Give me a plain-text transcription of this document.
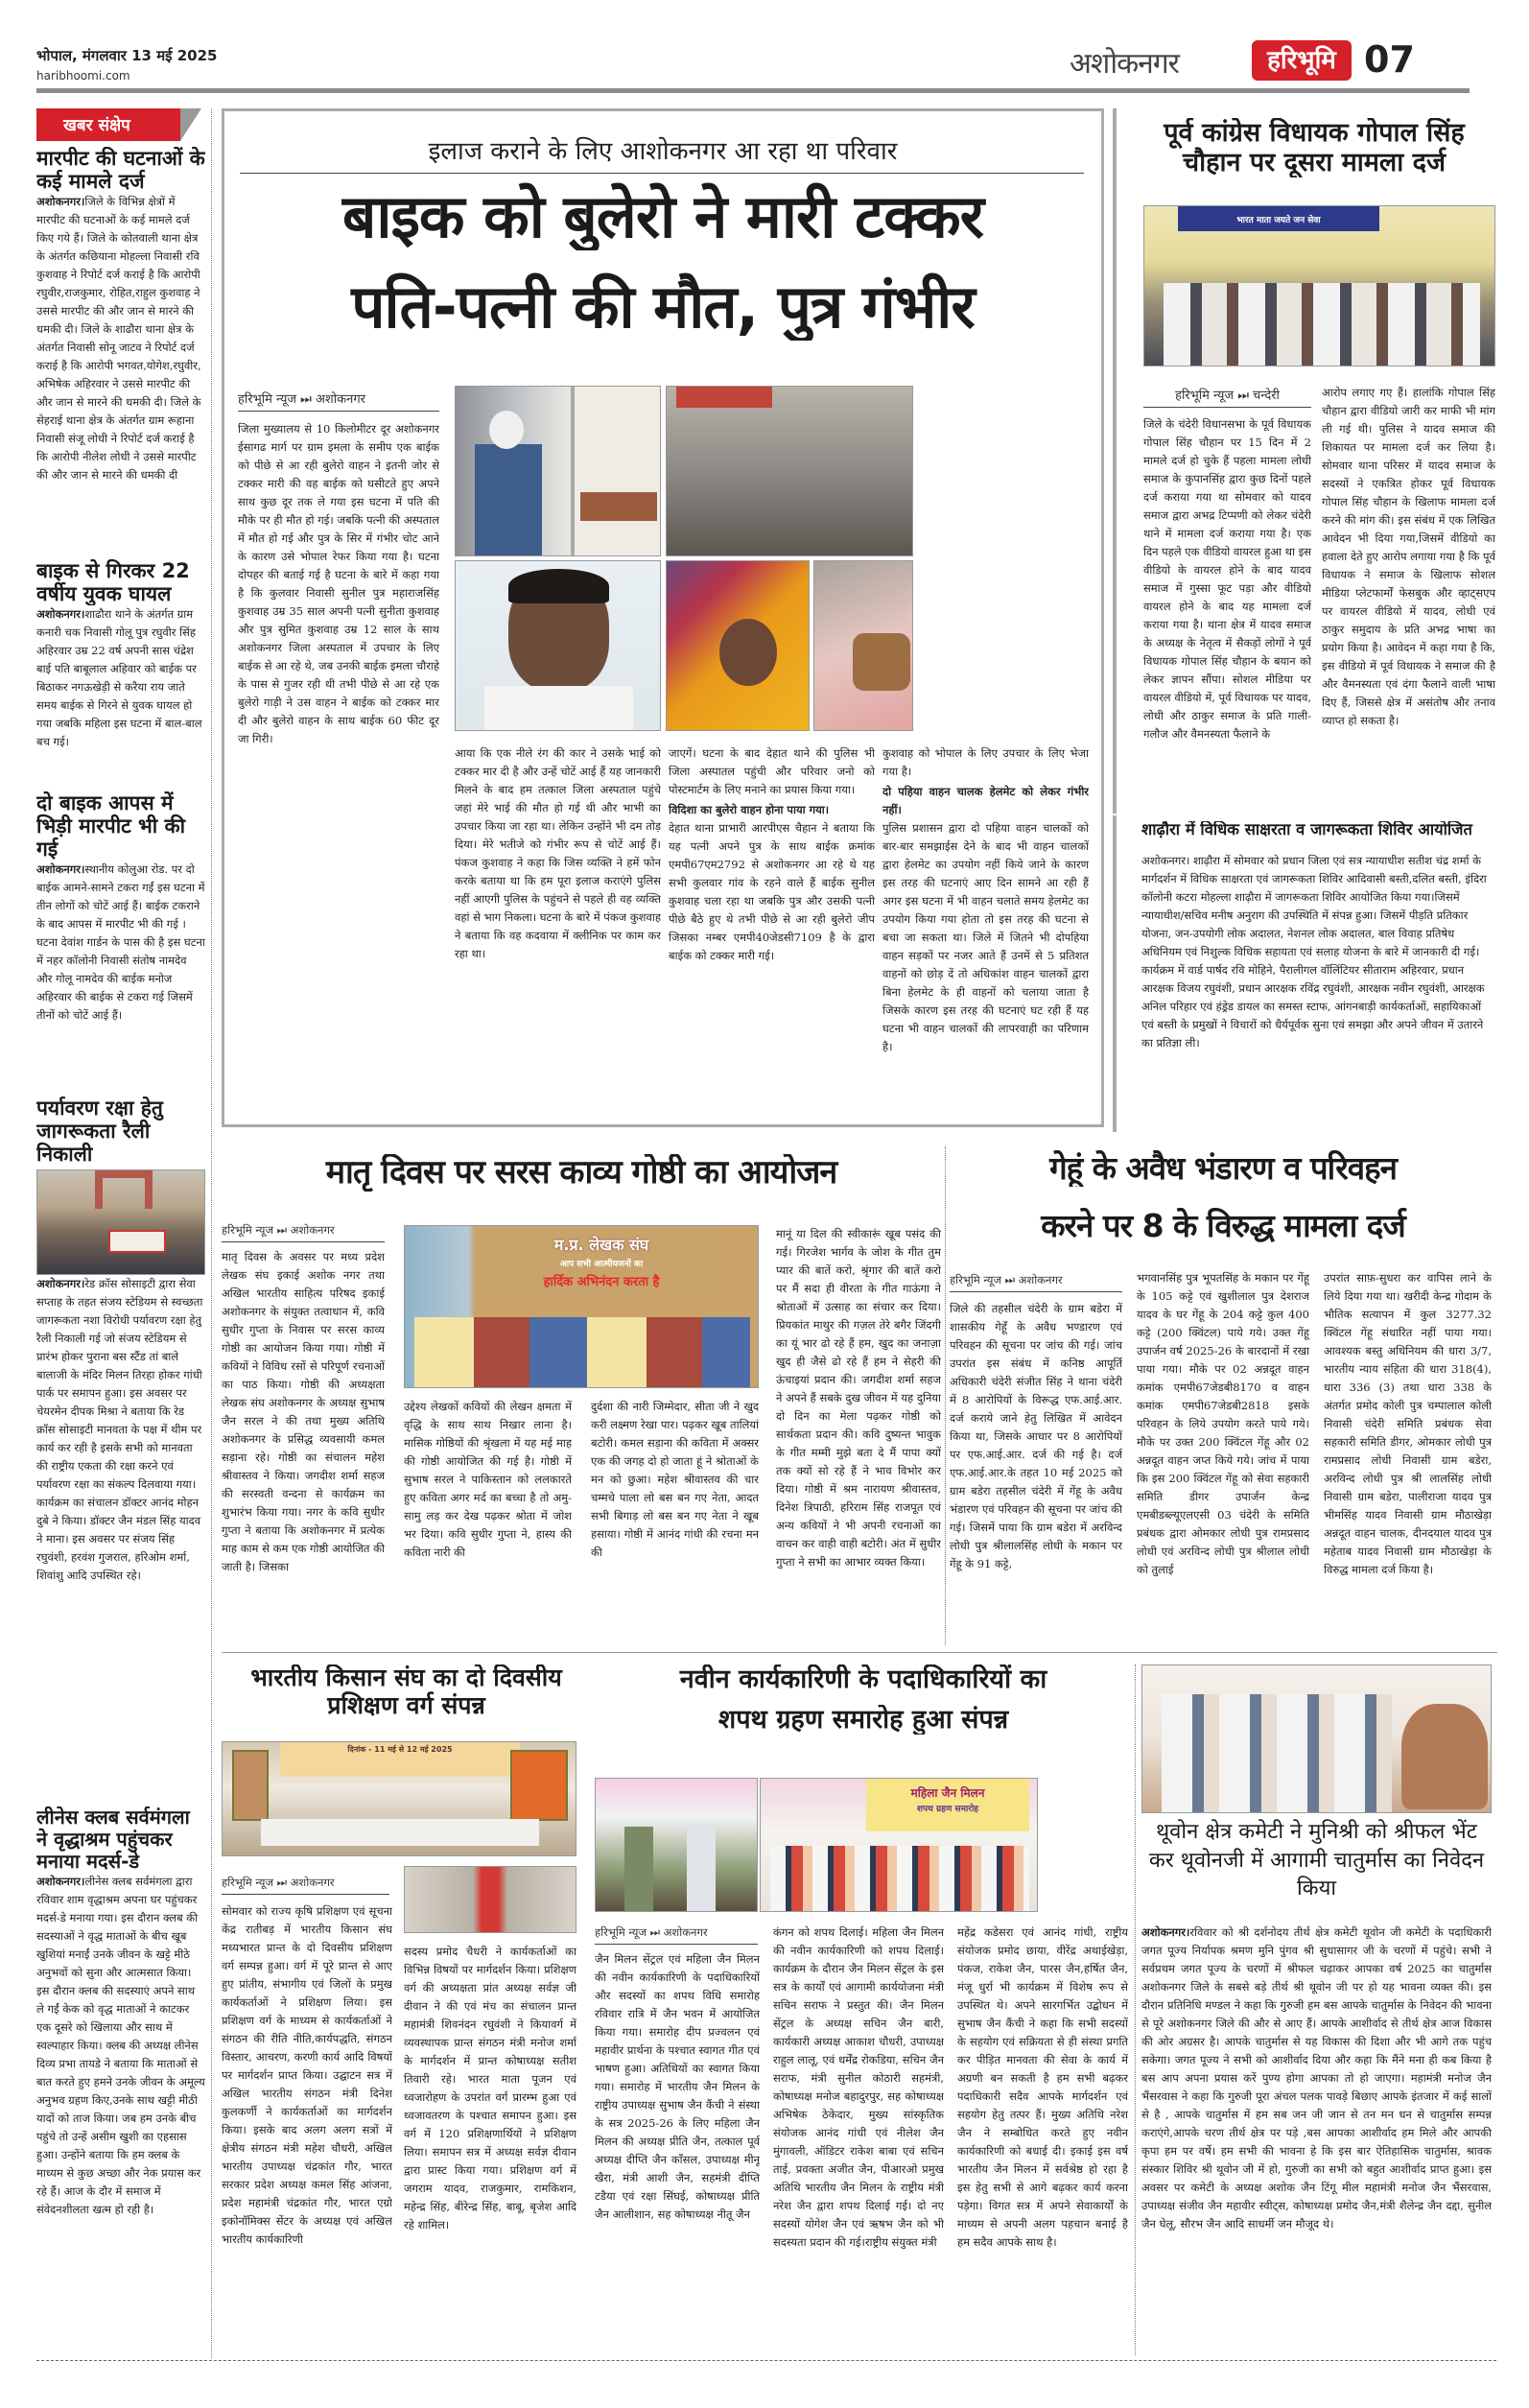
भोपाल, मंगलवार 13 मई 2025
haribhoomi.com	अशोकनगर	हरिभूमि 07
खबर संक्षेप
मारपीट की घटनाओं के कई मामले दर्ज
अशोकनगर।जिले के विभिन्न क्षेत्रों में मारपीट की घटनाओं के कई मामले दर्ज किए गये हैं। जिले के कोतवाली थाना क्षेत्र के अंतर्गत कछियाना मोहल्ला निवासी रवि कुशवाह ने रिपोर्ट दर्ज कराई है कि आरोपी रघुवीर,राजकुमार, रोहित,राहुल कुशवाह ने उससे मारपीट की और जान से मारने की धमकी दी। जिले के शाढौरा थाना क्षेत्र के अंतर्गत निवासी सोनू जाटव ने रिपोर्ट दर्ज कराई है कि आरोपी भगवत,योगेश,रघुवीर, अभिषेक अहिरवार ने उससे मारपीट की और जान से मारने की धमकी दी। जिले के सेहराई थाना क्षेत्र के अंतर्गत ग्राम रूहाना निवासी संजू लोधी ने रिपोर्ट दर्ज कराई है कि आरोपी नीलेश लोधी ने उससे मारपीट की और जान से मारने की धमकी दी
बाइक से गिरकर 22 वर्षीय युवक घायल
अशोकनगर।शाढौरा थाने के अंतर्गत ग्राम कनारी चक निवासी गोलू पुत्र रघुवीर सिंह अहिरवार उम्र 22 वर्ष अपनी सास चंद्रेश बाई पति बाबूलाल अहिवार को बाईक पर बिठाकर नगऊखेड़ी से करैया राय जाते समय बाईक से गिरने से युवक घायल हो गया जबकि महिला इस घटना में बाल-बाल बच गई।
दो बाइक आपस में भिड़ी मारपीट भी की गई
अशोकनगर।स्थानीय कोलुआ रोड. पर दो बाईक आमने-सामने टकरा गईं इस घटना में तीन लोगों को चोटें आई हैं। बाईक टकराने के बाद आपस में मारपीट भी की गई । घटना देवांश गार्डन के पास की है इस घटना में नहर कॉलोनी निवासी संतोष नामदेव और गोलू नामदेव की बाईक मनोज अहिरवार की बाईक से टकरा गई जिसमें तीनों को चोटें आई हैं।
पर्यावरण रक्षा हेतु जागरूकता रैली निकाली
अशोकनगर।रेड क्रॉस सोसाइटी द्वारा सेवा सप्ताह के तहत संजय स्टेडियम से स्वच्छता जागरूकता नशा विरोधी पर्यावरण रक्षा हेतु रैली निकाली गई जो संजय स्टेडियम से प्रारंभ होकर पुराना बस स्टैंड तां बाले बालाजी के मंदिर मिलन तिरहा होकर गांधी पार्क पर समापन हुआ। इस अवसर पर चेयरमेन दीपक मिश्रा ने बताया कि रेड क्रॉस सोसाइटी मानवता के पक्ष में थीम पर कार्य कर रही है इसके सभी को मानवता की राष्ट्रीय एकता की रक्षा करने एवं पर्यावरण रक्षा का संकल्प दिलवाया गया। कार्यक्रम का संचालन डॉक्टर आनंद मोहन दुबे ने किया। डॉक्टर जैन मंडल सिंह यादव ने माना। इस अवसर पर संजय सिंह रघुवंशी, हरवंश गुजराल, हरिओम शर्मा, शिवांशु आदि उपस्थित रहे।
लीनेस क्लब सर्वमंगला ने वृद्धाश्रम पहुंचकर मनाया मदर्स-डे
अशोकनगर।लीनेस क्लब सर्वमंगला द्वारा रविवार शाम वृद्धाश्रम अपना घर पहुंचकर मदर्स-डे मनाया गया। इस दौरान क्लब की सदस्याओं ने वृद्ध माताओं के बीच खूब खुशियां मनाईं उनके जीवन के खट्टे मीठे अनुभवों को सुना और आत्मसात किया। इस दौरान क्लब की सदस्याएं अपने साथ ले गईं केक को वृद्ध माताओं ने काटकर एक दूसरे को खिलाया और साथ में स्वल्पाहार किया। क्लब की अध्यक्ष लीनेस दिव्य प्रभा तायडे ने बताया कि माताओं से बात करते हुए हमने उनके जीवन के अमूल्य अनुभव ग्रहण किए,उनके साथ खट्टी मीठी यादों को ताज किया। जब हम उनके बीच पहुंचे तो उन्हें असीम खुशी का एहसास हुआ। उन्होंने बताया कि हम क्लब के माध्यम से कुछ अच्छा और नेक प्रयास कर रहे हैं। आज के दौर में समाज में संवेदनशीलता खत्म हो रही है।
इलाज कराने के लिए आशोकनगर आ रहा था परिवार
बाइक को बुलेरो ने मारी टक्कर
पति-पत्नी की मौत, पुत्र गंभीर
हरिभूमि न्यूज ⏭ अशोकनगर
जिला मुख्यालय से 10 किलोमीटर दूर अशोकनगर ईसागढ मार्ग पर ग्राम इमला के समीप एक बाईक को पीछे से आ रही बुलेरो वाहन ने इतनी जोर से टक्कर मारी की वह बाईक को घसीटते हुए अपने साथ कुछ दूर तक ले गया इस घटना में पति की मौके पर ही मौत हो गई। जबकि पत्नी की अस्पताल में मौत हो गई और पुत्र के सिर में गंभीर चोट आने के कारण उसे भोपाल रेफर किया गया है। घटना दोपहर की बताई गई है घटना के बारे में कहा गया है कि कुलवार निवासी सुनील पुत्र महाराजसिंह कुशवाह उम्र 35 साल अपनी पत्नी सुनीता कुशवाह और पुत्र सुमित कुशवाह उम्र 12 साल के साथ अशोकनगर जिला अस्पताल में उपचार के लिए बाईक से आ रहे थे, जब उनकी बाईक इमला चौराहे के पास से गुजर रही थी तभी पीछे से आ रहे एक बुलेरो गाड़ी ने उस वाहन ने बाईक को टक्कर मार दी और बुलेरो वाहन के साथ बाईक 60 फीट दूर जा गिरी।
आया कि एक नीले रंग की कार ने उसके भाई को टक्कर मार दी है और उन्हें चोटें आई हैं यह जानकारी मिलने के बाद हम तत्काल जिला अस्पताल पहुंचे जहां मेरे भाई की मौत हो गई थी और भाभी का उपचार किया जा रहा था। लेकिन उन्होंने भी दम तोड़ दिया। मेरे भतीजे को गंभीर रूप से चोटें आई हैं। पंकज कुशवाह ने कहा कि जिस व्यक्ति ने हमें फोन करके बताया था कि हम पूरा इलाज कराएंगे पुलिस नहीं आएगी पुलिस के पहुंचने से पहले ही वह व्यक्ति वहां से भाग निकला। घटना के बारे में पंकज कुशवाह ने बताया कि वह कदवाया में क्लीनिक पर काम कर रहा था।
जाएगें। घटना के बाद देहात थाने की पुलिस भी जिला अस्पातल पहुंची और परिवार जनो को पोस्टमार्टम के लिए मनाने का प्रयास किया गया।
विदिशा का बुलेरो वाहन होना पाया गया।
देहात थाना प्राभारी आरपीएस चैहान ने बताया कि यह पत्नी अपने पुत्र के साथ बाईक क्रमांक एमपी67एम2792 से अशोकनगर आ रहे थे यह सभी कुलवार गांव के रहने वाले हैं बाईक सुनील कुशवाह चला रहा था जबकि पुत्र और उसकी पत्नी पीछे बैठे हुए थे तभी पीछे से आ रही बुलेरो जीप जिसका नम्बर एमपी40जेडसी7109 है के द्वारा बाईक को टक्कर मारी गई।
कुशवाह को भोपाल के लिए उपचार के लिए भेजा गया है।
दो पहिया वाहन चालक हेलमेट को लेकर गंभीर नहीं।
पुलिस प्रशासन द्वारा दो पहिया वाहन चालकों को बार-बार समझाईस देने के बाद भी वाहन चालकों द्वारा हेलमेट का उपयोग नहीं किये जाने के कारण इस तरह की घटनाएं आए दिन सामने आ रही हैं अगर इस घटना में भी वाहन चलाते समय हेलमेट का उपयोग किया गया होता तो इस तरह की घटना से बचा जा सकता था। जिले में जितने भी दोपहिया वाहन सड़कों पर नजर आते हैं उनमें से 5 प्रतिशत वाहनों को छोड़ दें तो अधिकांश वाहन चालकों द्वारा बिना हेलमेट के ही वाहनों को चलाया जाता है जिसके कारण इस तरह की घटनाएं घट रही हैं यह घटना भी वाहन चालकों की लापरवाही का परिणाम है।
पूर्व कांग्रेस विधायक गोपाल सिंह चौहान पर दूसरा मामला दर्ज
भारत माता जयते जन सेवा
हरिभूमि न्यूज ⏭ चन्देरी
जिले के चंदेरी विधानसभा के पूर्व विधायक गोपाल सिंह चौहान पर 15 दिन में 2 मामले दर्ज हो चुके हैं पहला मामला लोधी समाज के कुपानसिंह द्वारा कुछ दिनों पहले दर्ज कराया गया था सोमवार को यादव समाज द्वारा अभद्र टिप्पणी को लेकर चंदेरी थाने में मामला दर्ज कराया गया है। एक दिन पहले एक वीडियो वायरल हुआ था इस वीडियो के वायरल होने के बाद यादव समाज में गुस्सा फूट पड़ा और वीडियो वायरल होने के बाद यह मामला दर्ज कराया गया है। थाना क्षेत्र में यादव समाज के अध्यक्ष के नेतृत्व में सैकड़ों लोगों ने पूर्व विधायक गोपाल सिंह चौहान के बयान को लेकर ज्ञापन सौंपा। सोशल मीडिया पर वायरल वीडियो में, पूर्व विधायक पर यादव, लोधी और ठाकुर समाज के प्रति गाली-गलौज और वैमनस्यता फैलाने के
आरोप लगाए गए हैं। हालांकि गोपाल सिंह चौहान द्वारा वीडियो जारी कर माफी भी मांग ली गई थी। पुलिस ने यादव समाज की शिकायत पर मामला दर्ज कर लिया है। सोमवार थाना परिसर में यादव समाज के सदस्यों ने एकत्रित होकर पूर्व विधायक गोपाल सिंह चौहान के खिलाफ मामला दर्ज करने की मांग की। इस संबंध में एक लिखित आवेदन भी दिया गया,जिसमें वीडियो का हवाला देते हुए आरोप लगाया गया है कि पूर्व विधायक ने समाज के खिलाफ सोशल मीडिया प्लेटफार्मों फेसबुक और व्हाट्सएप पर वायरल वीडियो में यादव, लोधी एवं ठाकुर समुदाय के प्रति अभद्र भाषा का प्रयोग किया है। आवेदन में कहा गया है कि, इस वीडियो में पूर्व विधायक ने समाज की है और वैमनस्यता एवं दंगा फैलाने वाली भाषा दिए हैं, जिससे क्षेत्र में असंतोष और तनाव व्याप्त हो सकता है।
शाढ़ौरा में विधिक साक्षरता व जागरूकता शिविर आयोजित
अशोकनगर। शाढ़ौरा में सोमवार को प्रधान जिला एवं सत्र न्यायाधीश सतीश चंद्र शर्मा के मार्गदर्शन में विधिक साक्षरता एवं जागरूकता शिविर आदिवासी बस्ती,दलित बस्ती, इंदिरा कॉलोनी कटरा मोहल्ला शाढ़ौरा में जागरूकता शिविर आयोजित किया गया।जिसमें न्यायाधीश/सचिव मनीष अनुराग की उपस्थिति में संपन्न हुआ। जिसमें पीड़ति प्रतिकार योजना, जन-उपयोगी लोक अदालत, नेशनल लोक अदालत, बाल विवाह प्रतिषेध अधिनियम एवं निशुल्क विधिक सहायता एवं सलाह योजना के बारे में जानकारी दी गई। कार्यक्रम में वार्ड पार्षद रवि मोहिने, पैरालीगल वॉलिंटियर सीताराम अहिरवार, प्रधान आरक्षक विजय रघुवंशी, प्रधान आरक्षक रविंद्र रघुवंशी, आरक्षक नवीन रघुवंशी, आरक्षक अनिल परिहार एवं हंड्रेड डायल का समस्त स्टाफ, आंगनबाड़ी कार्यकर्ताओं, सहायिकाओं एवं बस्ती के प्रमुखों ने विचारों को धैर्यपूर्वक सुना एवं समझा और अपने जीवन में उतारने का प्रतिज्ञा ली।
मातृ दिवस पर सरस काव्य गोष्ठी का आयोजन
हरिभूमि न्यूज ⏭ अशोकनगर
मातृ दिवस के अवसर पर मध्य प्रदेश लेखक संघ इकाई अशोक नगर तथा अखिल भारतीय साहित्य परिषद इकाई अशोकनगर के संयुक्त तत्वाधान में, कवि सुधीर गुप्ता के निवास पर सरस काव्य गोष्ठी का आयोजन किया गया। गोष्ठी में कवियों ने विविध रसों से परिपूर्ण रचनाओं का पाठ किया। गोष्ठी की अध्यक्षता लेखक संघ अशोकनगर के अध्यक्ष सुभाष जैन सरल ने की तथा मुख्य अतिथि अशोकनगर के प्रसिद्ध व्यवसायी कमल सड़ाना रहे। गोष्ठी का संचालन महेश श्रीवास्तव ने किया। जगदीश शर्मा सहज की सरस्वती वन्दना से कार्यक्रम का शुभारंभ किया गया। नगर के कवि सुधीर गुप्ता ने बताया कि अशोकनगर में प्रत्येक माह काम से कम एक गोष्ठी आयोजित की जाती है। जिसका
म.प्र. लेखक संघ
आप सभी आत्मीयजनों का
हार्दिक अभिनंदन करता है
उद्देश्य लेखकों कवियों की लेखन क्षमता में वृद्धि के साथ साथ निखार लाना है। मासिक गोष्ठियों की श्रृंखला में यह मई माह की गोष्ठी आयोजित की गई है। गोष्ठी में सुभाष सरल ने पाकिस्तान को ललकारते हुए कविता अगर मर्द का बच्चा है तो अमु-सामु लड़ कर देख पढ़कर श्रोता में जोश भर दिया। कवि सुधीर गुप्ता ने, हास्य की कविता नारी की
दुर्दशा की नारी जिम्मेदार, सीता जी ने खुद करी लक्ष्मण रेखा पार। पढ़कर खूब तालियां बटोरी। कमल सड़ाना की कविता में अक्सर एक की जगह दो हो जाता हूं ने श्रोताओं के मन को छुआ। महेश श्रीवास्तव की चार चम्मचे पाला लो बस बन गए नेता, आदत सभी बिगाड़ लो बस बन गए नेता ने खूब हसाया। गोष्ठी में आनंद गांधी की रचना मन की
मानूं या दिल की स्वीकारूं खूब पसंद की गई। गिरजेश भार्गव के जोश के गीत तुम प्यार की बातें करो, श्रृंगार की बातें करो पर मैं सदा ही वीरता के गीत गाऊंगा ने श्रोताओं में उत्साह का संचार कर दिया। प्रियकांत माथुर की गज़ल तेरे बगैर जिंदगी का यूं भार ढो रहे हैं हम, खुद का जनाज़ा खुद ही जैसे ढो रहे हैं हम ने सेहरी की ऊंचाइयां प्रदान की। जगदीश शर्मा सहज ने अपने हैं सबके दुख जीवन में यह दुनिया दो दिन का मेला पढ़कर गोष्ठी को सार्थकता प्रदान की। कवि दुष्यन्त भावुक के गीत मम्मी मुझे बता दे मैं पापा क्यों तक क्यों सो रहे हैं ने भाव विभोर कर दिया। गोष्ठी में श्रम नारायण श्रीवास्तव, दिनेश त्रिपाठी, हरिराम सिंह राजपूत एवं अन्य कवियों ने भी अपनी रचनाओं का वाचन कर वाही वाही बटोरी। अंत में सुधीर गुप्ता ने सभी का आभार व्यक्त किया।
गेहूं के अवैध भंडारण व परिवहन
करने पर 8 के विरुद्ध मामला दर्ज
हरिभूमि न्यूज ⏭ अशोकनगर
जिले की तहसील चंदेरी के ग्राम बडेरा में शासकीय गेहूँ के अवैध भण्डारण एवं परिवहन की सूचना पर जांच की गई। जांच उपरांत इस संबंध में कनिष्ठ आपूर्ति अधिकारी चंदेरी संजीत सिंह ने थाना चंदेरी में 8 आरोपियों के विरूद्ध एफ.आई.आर. दर्ज कराये जाने हेतु लिखित में आवेदन किया था, जिसके आधार पर 8 आरोपियों पर एफ.आई.आर. दर्ज की गई है। दर्ज एफ.आई.आर.के तहत 10 मई 2025 को ग्राम बडेरा तहसील चंदेरी में गेंहू के अवैध भंडारण एवं परिवहन की सूचना पर जांच की गई। जिसमें पाया कि ग्राम बडेरा में अरविन्द लोधी पुत्र श्रीलालसिंह लोधी के मकान पर गेंहू के 91 कट्टे,
भगवानसिंह पुत्र भूपतसिंह के मकान पर गेंहू के 105 कट्टे एवं खुशीलाल पुत्र देशराज यादव के घर गेंहू के 204 कट्टे कुल 400 कट्टे (200 क्विंटल) पाये गये। उक्त गेंहू उपार्जन वर्ष 2025-26 के बारदानों में रखा पाया गया। मौके पर 02 अन्नदूत वाहन कमांक एमपी67जेडबी8170 व वाहन कमांक एमपी67जेडबी2818 इसके परिवहन के लिये उपयोग करते पाये गये। मौके पर उक्त 200 क्विंटल गेंहू और 02 अन्नदूत वाहन जप्त किये गये। जांच में पाया कि इस 200 क्विंटल गेंहू को सेवा सहकारी समिति डीगर उपार्जन केन्द्र एमबीडब्ल्यूएलएसी 03 चंदेरी के समिति प्रबंधक द्वारा ओमकार लोधी पुत्र रामप्रसाद लोधी एवं अरविन्द लोधी पुत्र श्रीलाल लोधी को तुलाई
उपरांत साफ़-सुधरा कर वापिस लाने के लिये दिया गया था। खरीदी केन्द्र गोदाम के भौतिक सत्यापन में कुल 3277.32 क्विंटल गेंहू संधारित नहीं पाया गया। आवश्यक बस्तु अधिनियम की धारा 3/7, भारतीय न्याय संहिता की धारा 318(4), धारा 336 (3) तथा धारा 338 के अंतर्गत प्रमोद कोली पुत्र चम्पालाल कोली निवासी चंदेरी समिति प्रबंधक सेवा सहकारी समिति डीगर, ओमकार लोधी पुत्र रामप्रसाद लोधी निवासी ग्राम बडेरा, अरविन्द लोधी पुत्र श्री लालसिंह लोधी निवासी ग्राम बडेरा, पालीराजा यादव पुत्र भीमसिंह यादव निवासी ग्राम मौठाखेड़ा अन्नदूत वाहन चालक, दीनदयाल यादव पुत्र महेताब यादव निवासी ग्राम मौठाखेड़ा के विरुद्ध मामला दर्ज किया है।
भारतीय किसान संघ का दो दिवसीय प्रशिक्षण वर्ग संपन्न
दिनांक - 11 मई से 12 मई 2025
हरिभूमि न्यूज ⏭ अशोकनगर
सोमवार को राज्य कृषि प्रशिक्षण एवं सूचना केंद्र रातीबड़ में भारतीय किसान संघ मध्यभारत प्रान्त के दो दिवसीय प्रशिक्षण वर्ग सम्पन्न हुआ। वर्ग में पूरे प्रान्त से आए हुए प्रांतीय, संभागीय एवं जिलों के प्रमुख कार्यकर्ताओं ने प्रशिक्षण लिया। इस प्रशिक्षण वर्ग के माध्यम से कार्यकर्ताओं ने संगठन की रीति नीति,कार्यपद्धति, संगठन विस्तार, आचरण, करणी कार्य आदि विषयों पर मार्गदर्शन प्राप्त किया। उद्घाटन सत्र में अखिल भारतीय संगठन मंत्री दिनेश कुलकर्णी ने कार्यकर्ताओं का मार्गदर्शन किया। इसके बाद अलग अलग सत्रों में क्षेत्रीय संगठन मंत्री महेश चौधरी, अखिल भारतीय उपाध्यक्ष चंद्रकांत गौर, भारत सरकार प्रदेश अध्यक्ष कमल सिंह आंजना, प्रदेश महामंत्री चंद्रकांत गौर, भारत एग्रो इकोनॉमिक्स सेंटर के अध्यक्ष एवं अखिल भारतीय कार्यकारिणी
सदस्य प्रमोद चैधरी ने कार्यकर्ताओं का विभिन्न विषयों पर मार्गदर्शन किया। प्रशिक्षण वर्ग की अध्यक्षता प्रांत अध्यक्ष सर्वज्ञ जी दीवान ने की एवं मंच का संचालन प्रान्त महामंत्री शिवनंदन रघुवंशी ने कियावर्ग में व्यवस्थापक प्रान्त संगठन मंत्री मनोज शर्मा के मार्गदर्शन में प्रान्त कोषाध्यक्ष सतीश तिवारी रहे। भारत माता पूजन एवं ध्वजारोहण के उपरांत वर्ग प्रारम्भ हुआ एवं ध्वजावतरण के पश्चात समापन हुआ। इस वर्ग में 120 प्रशिक्षणार्थियों ने प्रशिक्षण लिया। समापन सत्र में अध्यक्ष सर्वज्ञ दीवान द्वारा प्रास्ट किया गया। प्रशिक्षण वर्ग में जगराम यादव, राजकुमार, रामकिशन, महेन्द्र सिंह, बीरेन्द्र सिंह, बाबू, बृजेश आदि रहे शामिल।
नवीन कार्यकारिणी के पदाधिकारियों का
शपथ ग्रहण समारोह हुआ संपन्न
महिला जैन मिलन
शपथ ग्रहण समारोह
हरिभूमि न्यूज ⏭ अशोकनगर
जैन मिलन सेंट्रल एवं महिला जैन मिलन की नवीन कार्यकारिणी के पदाधिकारियों और सदस्यों का शपथ विधि समारोह रविवार रात्रि में जैन भवन में आयोजित किया गया। समारोह दीप प्रज्वलन एवं महावीर प्रार्थना के पश्चात स्वागत गीत एवं भाषण हुआ। अतिथियों का स्वागत किया गया। समारोह में भारतीय जैन मिलन के राष्ट्रीय उपाध्यक्ष सुभाष जैन कैंची ने संस्था के सत्र 2025-26 के लिए महिला जैन मिलन की अध्यक्ष प्रीति जैन, तत्काल पूर्व अध्यक्ष दीप्ति जैन काँसल, उपाध्यक्ष मीनू खैरा, मंत्री आशी जैन, सहमंत्री दीप्ति टडैया एवं रक्षा सिंघई, कोषाध्यक्ष प्रीति जैन आलीशान, सह कोषाध्यक्ष नीतू जैन
कंगन को शपथ दिलाई। महिला जैन मिलन की नवीन कार्यकारिणी को शपथ दिलाई। कार्यक्रम के दौरान जैन मिलन सेंट्रल के इस सत्र के कार्यों एवं आगामी कार्ययोजना मंत्री सचिन सराफ ने प्रस्तुत की। जैन मिलन सेंट्रल के अध्यक्ष सचिन जैन बारी, कार्यकारी अध्यक्ष आकाश चौधरी, उपाध्यक्ष राहुल लालू, एवं धर्मेंद्र रोकडिया, सचिन जैन सराफ, मंत्री सुनील कोठारी सहमंत्री, कोषाध्यक्ष मनोज बहादुरपुर, सह कोषाध्यक्ष अभिषेक ठेकेदार, मुख्य सांस्कृतिक संयोजक आनंद गांधी एवं नीलेश जैन मुंगावली, ऑडिटर राकेश बाबा एवं सचिन ताई, प्रवक्ता अजीत जैन, पीआरओ प्रमुख अतिथि भारतीय जैन मिलन के राष्ट्रीय मंत्री नरेश जैन द्वारा शपथ दिलाई गई। दो नए सदस्यों योगेश जैन एवं ऋषभ जैन को भी सदस्यता प्रदान की गई।राष्ट्रीय संयुक्त मंत्री
महेंद्र कडेसरा एवं आनंद गांधी, राष्ट्रीय संयोजक प्रमोद छाया, वीरेंद्र अथाईखेड़ा, पंकज, राकेश जैन, पारस जैन,हर्षित जैन, मंजू धुर्रा भी कार्यक्रम में विशेष रूप से उपस्थित थे। अपने सारगर्भित उद्बोधन में सुभाष जैन कैंची ने कहा कि सभी सदस्यों के सहयोग एवं सक्रियता से ही संस्था प्रगति कर पीड़ित मानवता की सेवा के कार्य में अग्रणी बन सकती है हम सभी बढ़कर पदाधिकारी सदैव आपके मार्गदर्शन एवं सहयोग हेतु तत्पर हैं। मुख्य अतिथि नरेश जैन ने सम्बोधित करते हुए नवीन कार्यकारिणी को बधाई दी। इकाई इस वर्ष भारतीय जैन मिलन में सर्वश्रेष्ठ हो रहा है इस हेतु सभी से आगे बढ़कर कार्य करना पड़ेगा। विगत सत्र में अपने सेवाकार्यों के माध्यम से अपनी अलग पहचान बनाई है हम सदैव आपके साथ है।
थूवोन क्षेत्र कमेटी ने मुनिश्री को श्रीफल भेंट कर थूवोनजी में आगामी चातुर्मास का निवेदन किया
अशोकनगर।रविवार को श्री दर्शनोदय तीर्थ क्षेत्र कमेटी थूवोन जी कमेटी के पदाधिकारी जगत पूज्य निर्यापक श्रमण मुनि पुंगव श्री सुधासागर जी के चरणों में पहुंचे। सभी ने सर्वप्रथम जगत पूज्य के चरणों में श्रीफल चढ़ाकर आपका वर्ष 2025 का चातुर्मास अशोकनगर जिले के सबसे बड़े तीर्थ श्री थूवोन जी पर हो यह भावना व्यक्त की। इस दौरान प्रतिनिधि मण्डल ने कहा कि गुरुजी हम बस आपके चातुर्मास के निवेदन की भावना से पूरे अशोकनगर जिले की और से आए हैं। आपके आशीर्वाद से तीर्थ क्षेत्र आज विकास की ओर अग्रसर है। आपके चातुर्मास से यह विकास की दिशा और भी आगे तक पहुंच सकेगा। जगत पूज्य ने सभी को आशीर्वाद दिया और कहा कि मैंने मना ही कब किया है बस आप अपना प्रयास करें पुण्य होगा आपका तो हो जाएगा। महामंत्री मनोज जैन भैंसरवास ने कहा कि गुरुजी पूरा अंचल पलक पावड़े बिछाए आपके इंतजार में कई सालों से है , आपके चातुर्मास में हम सब जन जी जान से तन मन धन से चातुर्मास सम्पन्न कराएंगे,आपके चरण तीर्थ क्षेत्र पर पड़े ,बस आपका आशीर्वाद हम मिले और आपकी कृपा हम पर वर्षे। हम सभी की भावना हे कि इस बार ऐतिहासिक चातुर्मास, श्रावक संस्कार शिविर श्री थूवोन जी में हो, गुरुजी का सभी को बहुत आशीर्वाद प्राप्त हुआ। इस अवसर पर कमेटी के अध्यक्ष अशोक जैन टिंगू मील महामंत्री मनोज जैन भैंसरवास, उपाध्यक्ष संजीव जैन महावीर स्वीट्स, कोषाध्यक्ष प्रमोद जैन,मंत्री शैलेन्द्र जैन दद्दा, सुनील जैन घेलू, सौरभ जैन आदि साधर्मी जन मौजूद थे।
